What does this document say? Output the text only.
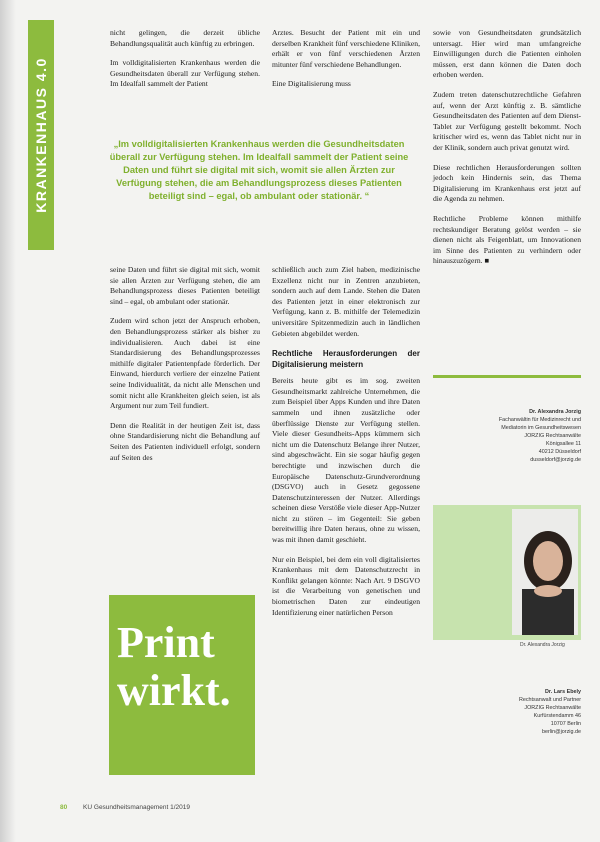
KRANKENHAUS 4.0

nicht gelingen, die derzeit übliche Behandlungsqualität auch künftig zu erbringen.

Im volldigitalisierten Krankenhaus werden die Gesundheitsdaten überall zur Verfügung stehen. Im Idealfall sammelt der Patient

Arztes. Besucht der Patient mit ein und derselben Krankheit fünf verschiedene Kliniken, erhält er von fünf verschiedenen Ärzten mitunter fünf verschiedene Behandlungen.

Eine Digitalisierung muss

„Im volldigitalisierten Krankenhaus werden die Gesundheitsdaten überall zur Verfügung stehen. Im Idealfall sammelt der Patient seine Daten und führt sie digital mit sich, womit sie allen Ärzten zur Verfügung stehen, die am Behandlungsprozess dieses Patienten beteiligt sind – egal, ob ambulant oder stationär. “

seine Daten und führt sie digital mit sich, womit sie allen Ärzten zur Verfügung stehen, die am Behandlungsprozess dieses Patienten beteiligt sind – egal, ob ambulant oder stationär.

Zudem wird schon jetzt der Anspruch erhoben, den Behandlungsprozess stärker als bisher zu individualisieren. Auch dabei ist eine Standardisierung des Behandlungsprozesses mithilfe digitaler Patientenpfade förderlich. Der Einwand, hierdurch verliere der einzelne Patient seine Individualität, da nicht alle Menschen und somit nicht alle Krankheiten gleich seien, ist als Argument nur zum Teil fundiert.

Denn die Realität in der heutigen Zeit ist, dass ohne Standardisierung nicht die Behandlung auf Seiten des Patienten individuell erfolgt, sondern auf Seiten des

schließlich auch zum Ziel haben, medizinische Exzellenz nicht nur in Zentren anzubieten, sondern auch auf dem Lande. Stehen die Daten des Patienten jetzt in einer elektronisch zur Verfügung, kann z. B. mithilfe der Telemedizin universitäre Spitzenmedizin auch in ländlichen Gebieten abgebildet werden.

Rechtliche Herausforderungen der Digitalisierung meistern

Bereits heute gibt es im sog. zweiten Gesundheitsmarkt zahlreiche Unternehmen, die zum Beispiel über Apps Kunden und ihre Daten sammeln und ihnen zusätzliche oder überflüssige Dienste zur Verfügung stellen. Viele dieser Gesundheits-Apps kümmern sich nicht um die Datenschutz Belange ihrer Nutzer, sind abgeschwächt. Ein sie sogar häufig gegen berechtigte und inzwischen durch die Europäische Datenschutz-Grundverordnung (DSGVO) auch in Gesetz gegossene Datenschutzinteressen der Nutzer. Allerdings scheinen diese Verstöße viele dieser App-Nutzer nicht zu stören – im Gegenteil: Sie geben bereitwillig ihre Daten heraus, ohne zu wissen, was mit ihnen damit geschieht.

Nur ein Beispiel, bei dem ein voll digitalisiertes Krankenhaus mit dem Datenschutzrecht in Konflikt gelangen könnte: Nach Art. 9 DSGVO ist die Verarbeitung von genetischen und biometrischen Daten zur eindeutigen Identifizierung einer natürlichen Person

sowie von Gesundheitsdaten grundsätzlich untersagt. Hier wird man umfangreiche Einwilligungen durch die Patienten einholen müssen, erst dann können die Daten doch erhoben werden.

Zudem treten datenschutzrechtliche Gefahren auf, wenn der Arzt künftig z. B. sämtliche Gesundheitsdaten des Patienten auf dem Dienst-Tablet zur Verfügung gestellt bekommt. Noch kritischer wird es, wenn das Tablet nicht nur in der Klinik, sondern auch privat genutzt wird.

Diese rechtlichen Herausforderungen sollten jedoch kein Hindernis sein, das Thema Digitalisierung im Krankenhaus erst jetzt auf die Agenda zu nehmen.

Rechtliche Probleme können mithilfe rechtskundiger Beratung gelöst werden – sie dienen nicht als Feigenblatt, um Innovationen im Sinne des Patienten zu verhindern oder hinauszuzögern. ■

Dr. Alexandra Jorzig
Fachanwältin für Medizinrecht und
Mediatorin im Gesundheitswesen
JORZIG Rechtsanwälte
Königsallee 11
40212 Düsseldorf
dusseldorf@jorzig.de
Dr. Alexandra Jorzig
Dr. Lars Ebely
Rechtsanwalt und Partner
JORZIG Rechtsanwälte
Kurfürstendamm 46
10707 Berlin
berlin@jorzig.de
Print
wirkt.
80 KU Gesundheitsmanagement 1/2019
